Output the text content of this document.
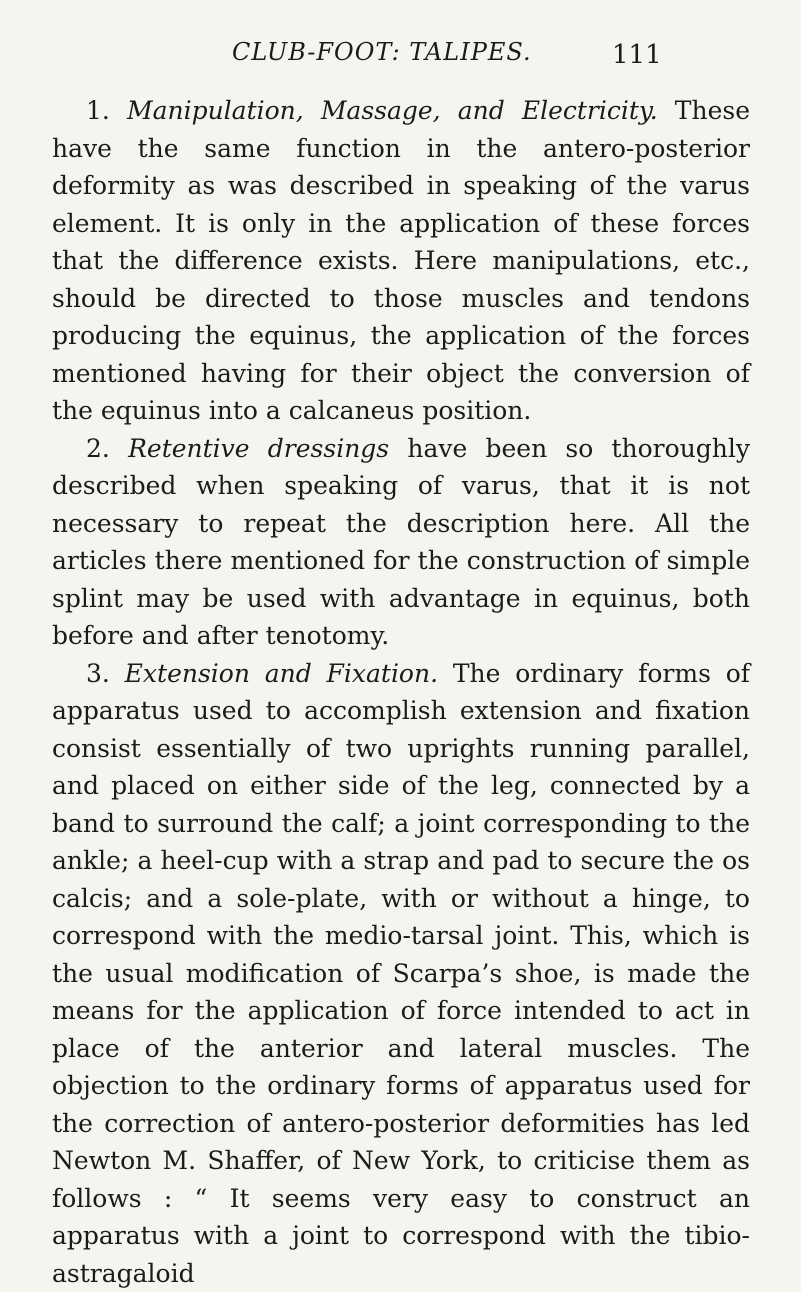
CLUB-FOOT: TALIPES.	111

1. Manipulation, Massage, and Electricity. These have the same function in the antero-posterior deformity as was described in speaking of the varus element. It is only in the application of these forces that the difference exists. Here manipulations, etc., should be directed to those muscles and tendons producing the equinus, the application of the forces mentioned having for their object the conversion of the equinus into a calcaneus position.

2. Retentive dressings have been so thoroughly described when speaking of varus, that it is not necessary to repeat the description here. All the articles there mentioned for the construction of simple splint may be used with advantage in equinus, both before and after tenotomy.

3. Extension and Fixation. The ordinary forms of apparatus used to accomplish extension and fixation consist essentially of two uprights running parallel, and placed on either side of the leg, connected by a band to surround the calf; a joint corresponding to the ankle; a heel-cup with a strap and pad to secure the os calcis; and a sole-plate, with or without a hinge, to correspond with the medio-tarsal joint. This, which is the usual modification of Scarpa’s shoe, is made the means for the application of force intended to act in place of the anterior and lateral muscles. The objection to the ordinary forms of apparatus used for the correction of antero-posterior deformities has led Newton M. Shaffer, of New York, to criticise them as follows : “ It seems very easy to construct an apparatus with a joint to correspond with the tibio-astragaloid
